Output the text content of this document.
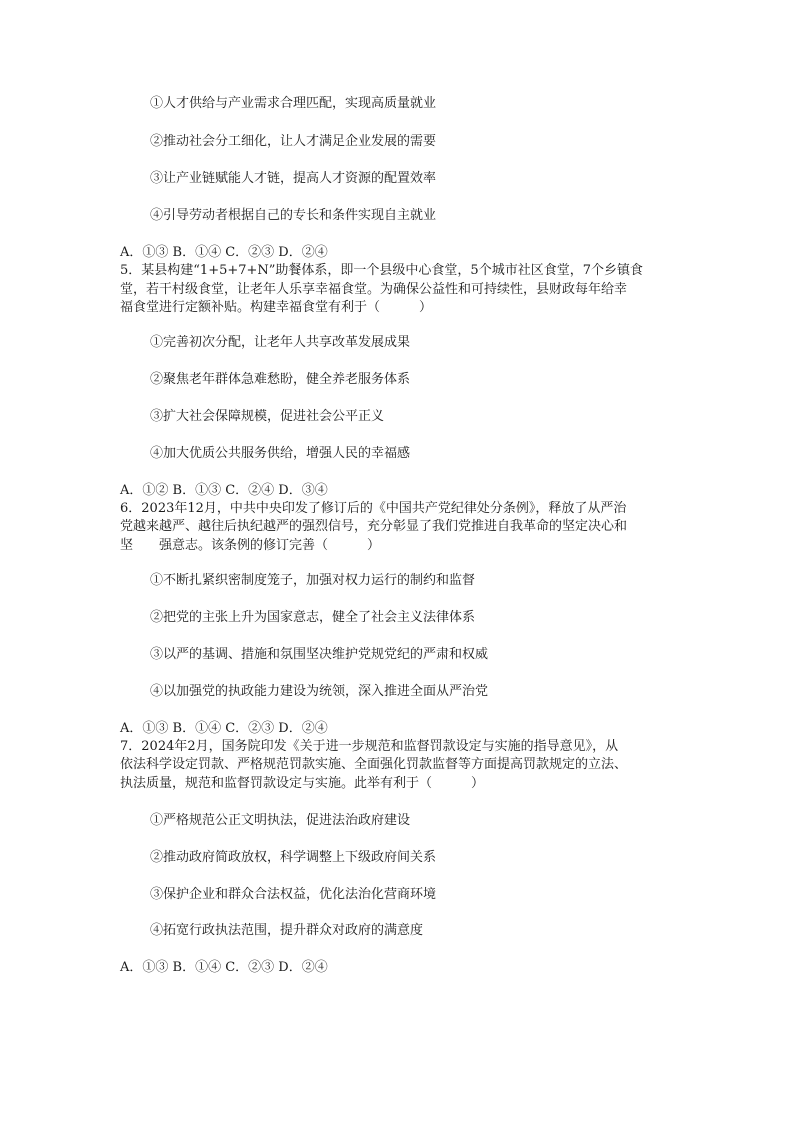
①人才供给与产业需求合理匹配，实现高质量就业
②推动社会分工细化，让人才满足企业发展的需要
③让产业链赋能人才链，提高人才资源的配置效率
④引导劳动者根据自己的专长和条件实现自主就业
A．①③ B．①④ C．②③ D．②④
5．某县构建“1+5+7+N”助餐体系，即一个县级中心食堂，5个城市社区食堂，7个乡镇食
堂，若干村级食堂，让老年人乐享幸福食堂。为确保公益性和可持续性，县财政每年给幸
福食堂进行定额补贴。构建幸福食堂有利于（　　　）
①完善初次分配，让老年人共享改革发展成果
②聚焦老年群体急难愁盼，健全养老服务体系
③扩大社会保障规模，促进社会公平正义
④加大优质公共服务供给，增强人民的幸福感
A．①② B．①③ C．②④ D．③④
6．2023年12月，中共中央印发了修订后的《中国共产党纪律处分条例》，释放了从严治
党越来越严、越往后执纪越严的强烈信号，充分彰显了我们党推进自我革命的坚定决心和
坚　　强意志。该条例的修订完善（　　　）
①不断扎紧织密制度笼子，加强对权力运行的制约和监督
②把党的主张上升为国家意志，健全了社会主义法律体系
③以严的基调、措施和氛围坚决维护党规党纪的严肃和权威
④以加强党的执政能力建设为统领，深入推进全面从严治党
A．①③ B．①④ C．②③ D．②④
7．2024年2月，国务院印发《关于进一步规范和监督罚款设定与实施的指导意见》，从
依法科学设定罚款、严格规范罚款实施、全面强化罚款监督等方面提高罚款规定的立法、
执法质量，规范和监督罚款设定与实施。此举有利于（　　　）
①严格规范公正文明执法，促进法治政府建设
②推动政府简政放权，科学调整上下级政府间关系
③保护企业和群众合法权益，优化法治化营商环境
④拓宽行政执法范围，提升群众对政府的满意度
A．①③ B．①④ C．②③ D．②④
